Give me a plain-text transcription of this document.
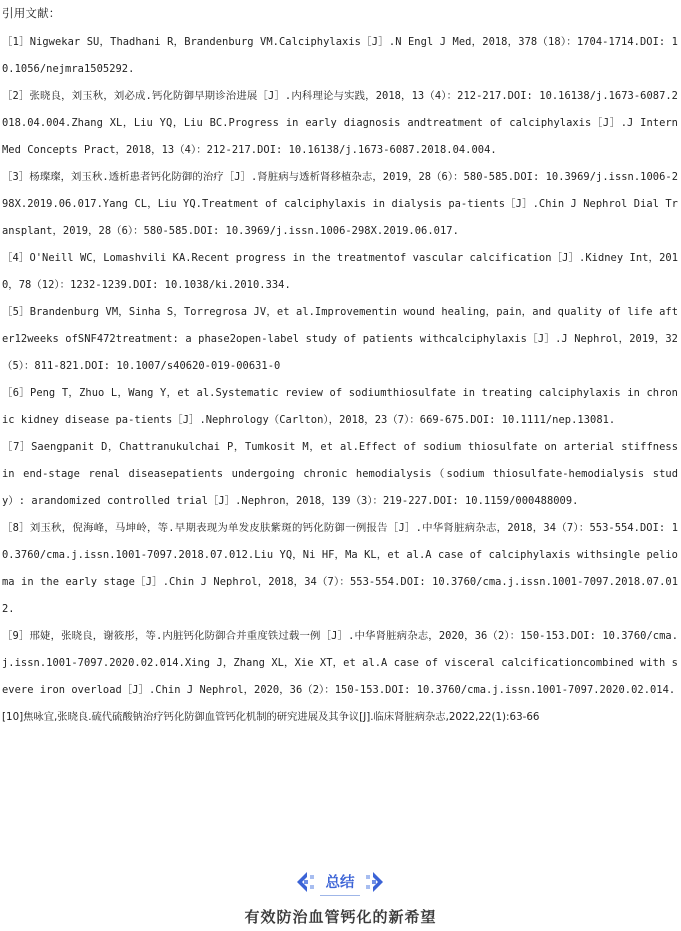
引用文献：

［1］Nigwekar SU，Thadhani R，Brandenburg VM.Calciphylaxis［J］.N Engl J Med，2018，378（18）：1704-1714.DOI: 10.1056/nejmra1505292.

［2］张晓良，刘玉秋，刘必成.钙化防御早期诊治进展［J］.内科理论与实践，2018，13（4）：212-217.DOI: 10.16138/j.1673-6087.2018.04.004.Zhang XL，Liu YQ，Liu BC.Progress in early diagnosis andtreatment of calciphylaxis［J］.J Intern Med Concepts Pract，2018，13（4）：212-217.DOI: 10.16138/j.1673-6087.2018.04.004.

［3］杨璨璨，刘玉秋.透析患者钙化防御的治疗［J］.肾脏病与透析肾移植杂志，2019，28（6）：580-585.DOI: 10.3969/j.issn.1006-298X.2019.06.017.Yang CL，Liu YQ.Treatment of calciphylaxis in dialysis pa-tients［J］.Chin J Nephrol Dial Transplant，2019，28（6）：580-585.DOI: 10.3969/j.issn.1006-298X.2019.06.017.

［4］O'Neill WC，Lomashvili KA.Recent progress in the treatmentof vascular calcification［J］.Kidney Int，2010，78（12）：1232-1239.DOI: 10.1038/ki.2010.334.

［5］Brandenburg VM，Sinha S，Torregrosa JV，et al.Improvementin wound healing，pain，and quality of life after12weeks ofSNF472treatment: a phase2open-label study of patients withcalciphylaxis［J］.J Nephrol，2019，32（5）：811-821.DOI: 10.1007/s40620-019-00631-0

［6］Peng T，Zhuo L，Wang Y，et al.Systematic review of sodiumthiosulfate in treating calciphylaxis in chronic kidney disease pa-tients［J］.Nephrology（Carlton），2018，23（7）：669-675.DOI: 10.1111/nep.13081.

［7］Saengpanit D，Chattranukulchai P，Tumkosit M，et al.Effect of sodium thiosulfate on arterial stiffness in end-stage renal diseasepatients undergoing chronic hemodialysis（sodium thiosulfate-hemodialysis study）: arandomized controlled trial［J］.Nephron，2018，139（3）：219-227.DOI: 10.1159/000488009.

［8］刘玉秋，倪海峰，马坤岭，等.早期表现为单发皮肤紫斑的钙化防御一例报告［J］.中华肾脏病杂志，2018，34（7）：553-554.DOI: 10.3760/cma.j.issn.1001-7097.2018.07.012.Liu YQ，Ni HF，Ma KL，et al.A case of calciphylaxis withsingle pelioma in the early stage［J］.Chin J Nephrol，2018，34（7）：553-554.DOI: 10.3760/cma.j.issn.1001-7097.2018.07.012.

［9］邢婕，张晓良，谢筱彤，等.内脏钙化防御合并重度铁过载一例［J］.中华肾脏病杂志，2020，36（2）：150-153.DOI: 10.3760/cma.j.issn.1001-7097.2020.02.014.Xing J，Zhang XL，Xie XT，et al.A case of visceral calcificationcombined with severe iron overload［J］.Chin J Nephrol，2020，36（2）：150-153.DOI: 10.3760/cma.j.issn.1001-7097.2020.02.014.

[10]焦咏宜,张晓良.硫代硫酸钠治疗钙化防御血管钙化机制的研究进展及其争议[J].临床肾脏病杂志,2022,22(1):63-66

总结
有效防治血管钙化的新希望
